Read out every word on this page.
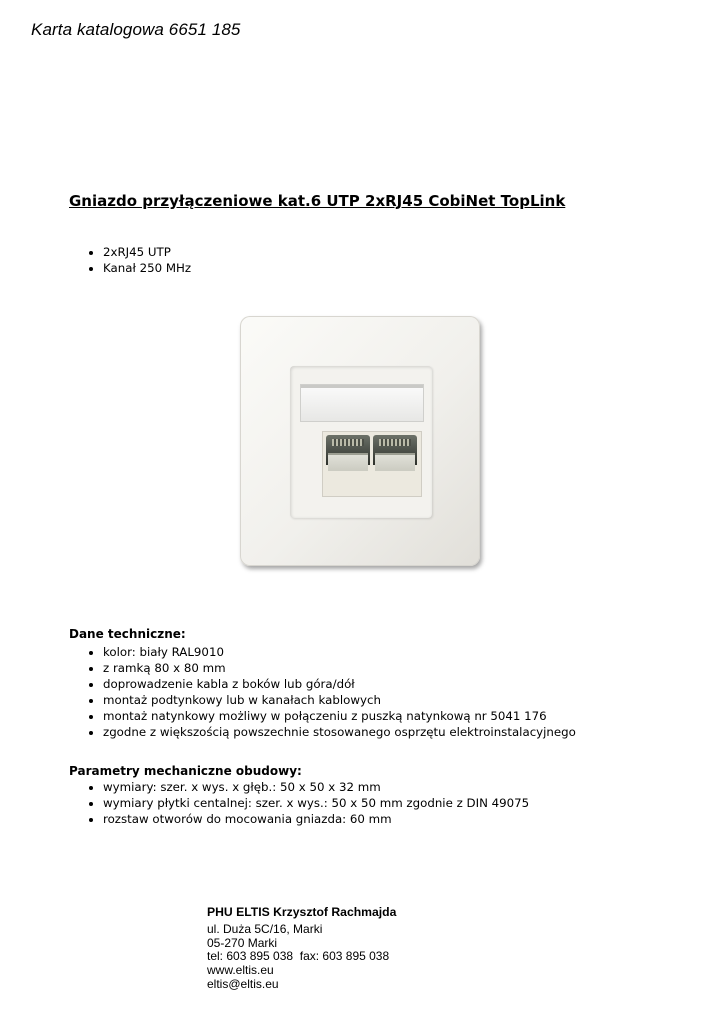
Karta katalogowa 6651 185
Gniazdo przyłączeniowe kat.6 UTP 2xRJ45 CobiNet TopLink
• 2xRJ45 UTP
• Kanał 250 MHz
Dane techniczne:
• kolor: biały RAL9010
• z ramką 80 x 80 mm
• doprowadzenie kabla z boków lub góra/dół
• montaż podtynkowy lub w kanałach kablowych
• montaż natynkowy możliwy w połączeniu z puszką natynkową nr 5041 176
• zgodne z większością powszechnie stosowanego osprzętu elektroinstalacyjnego
Parametry mechaniczne obudowy:
• wymiary: szer. x wys. x głęb.: 50 x 50 x 32 mm
• wymiary płytki centalnej: szer. x wys.: 50 x 50 mm zgodnie z DIN 49075
• rozstaw otworów do mocowania gniazda: 60 mm
PHU ELTIS Krzysztof Rachmajda
ul. Duża 5C/16, Marki
05-270 Marki
tel: 603 895 038  fax: 603 895 038
www.eltis.eu
eltis@eltis.eu
